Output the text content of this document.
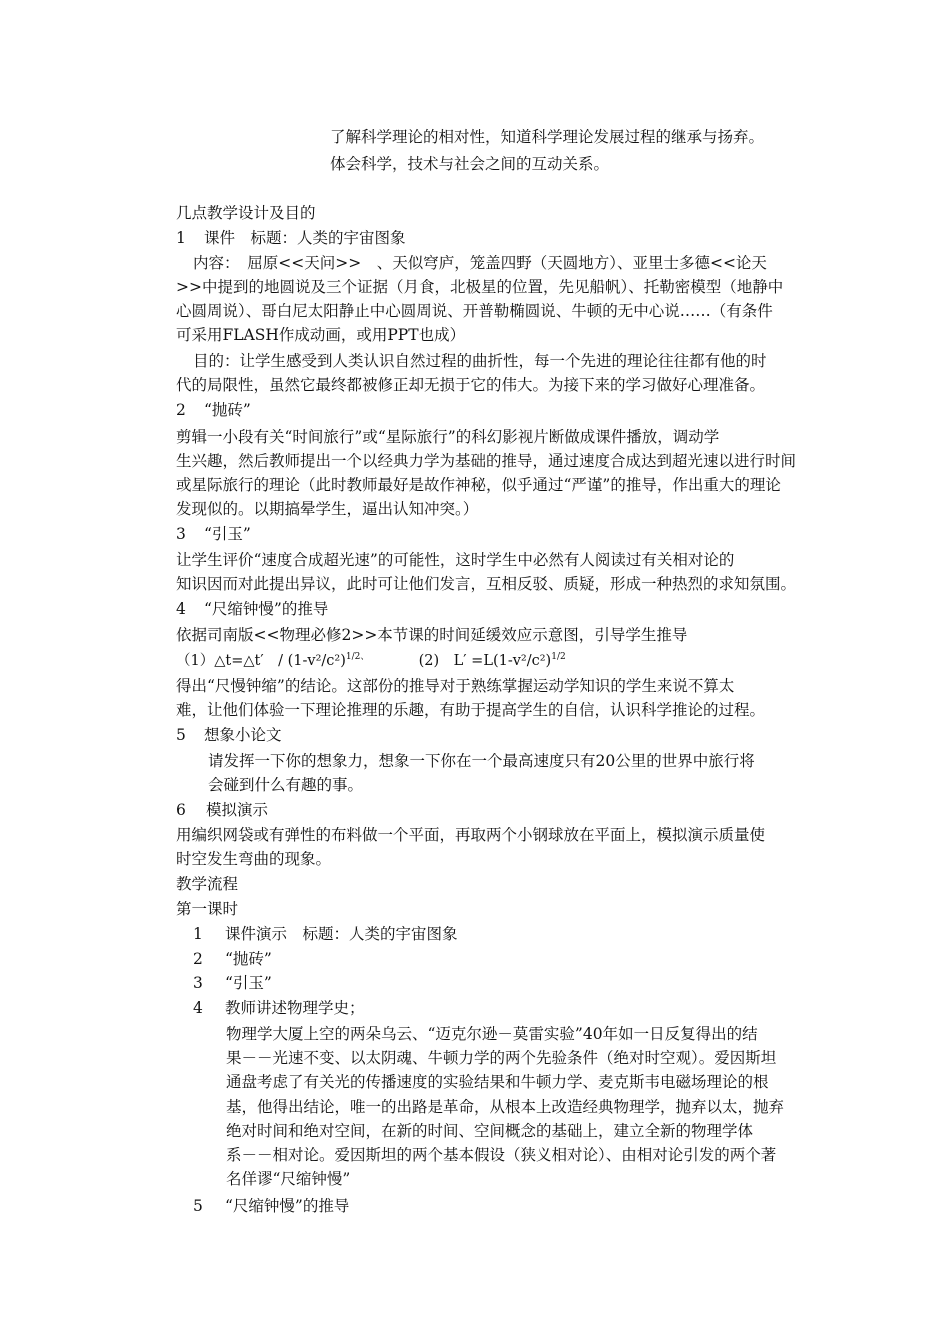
了解科学理论的相对性，知道科学理论发展过程的继承与扬弃。
体会科学，技术与社会之间的互动关系。
几点教学设计及目的
1 课件　标题：人类的宇宙图象
内容：　屈原<<天问>>　、天似穹庐，笼盖四野（天圆地方）、亚里士多德<<论天
>>中提到的地圆说及三个证据（月食，北极星的位置，先见船帆）、托勒密模型（地静中
心圆周说）、哥白尼太阳静止中心圆周说、开普勒椭圆说、牛顿的无中心说……（有条件
可采用FLASH作成动画，或用PPT也成）
目的：让学生感受到人类认识自然过程的曲折性，每一个先进的理论往往都有他的时
代的局限性，虽然它最终都被修正却无损于它的伟大。为接下来的学习做好心理准备。
2 “抛砖”
剪辑一小段有关“时间旅行”或“星际旅行”的科幻影视片断做成课件播放，调动学
生兴趣，然后教师提出一个以经典力学为基础的推导，通过速度合成达到超光速以进行时间
或星际旅行的理论（此时教师最好是故作神秘，似乎通过“严谨”的推导，作出重大的理论
发现似的。以期搞晕学生，逼出认知冲突。）
3 “引玉”
让学生评价“速度合成超光速”的可能性，这时学生中必然有人阅读过有关相对论的
知识因而对此提出异议，此时可让他们发言，互相反驳、质疑，形成一种热烈的求知氛围。
4 “尺缩钟慢”的推导
依据司南版<<物理必修2>>本节课的时间延缓效应示意图，引导学生推导
（1）△t=△t′　/ $(1-v^2/c^2)^{1/2、}$	(2)　$L' =L(1-v^2/c^2)^{1/2}$
得出“尺慢钟缩”的结论。这部份的推导对于熟练掌握运动学知识的学生来说不算太
难，让他们体验一下理论推理的乐趣，有助于提高学生的自信，认识科学推论的过程。
5 想象小论文
请发挥一下你的想象力，想象一下你在一个最高速度只有20公里的世界中旅行将
会碰到什么有趣的事。
6 模拟演示
用编织网袋或有弹性的布料做一个平面，再取两个小钢球放在平面上，模拟演示质量使
时空发生弯曲的现象。
教学流程
第一课时
1 课件演示　标题：人类的宇宙图象
2 “抛砖”
3 “引玉”
4 教师讲述物理学史；
物理学大厦上空的两朵乌云、“迈克尔逊－莫雷实验”40年如一日反复得出的结
果－－光速不变、以太阴魂、牛顿力学的两个先验条件（绝对时空观）。爱因斯坦
通盘考虑了有关光的传播速度的实验结果和牛顿力学、麦克斯韦电磁场理论的根
基，他得出结论，唯一的出路是革命，从根本上改造经典物理学，抛弃以太，抛弃
绝对时间和绝对空间，在新的时间、空间概念的基础上，建立全新的物理学体
系－－相对论。爱因斯坦的两个基本假设（狭义相对论）、由相对论引发的两个著
名佯谬“尺缩钟慢”
5 “尺缩钟慢”的推导
